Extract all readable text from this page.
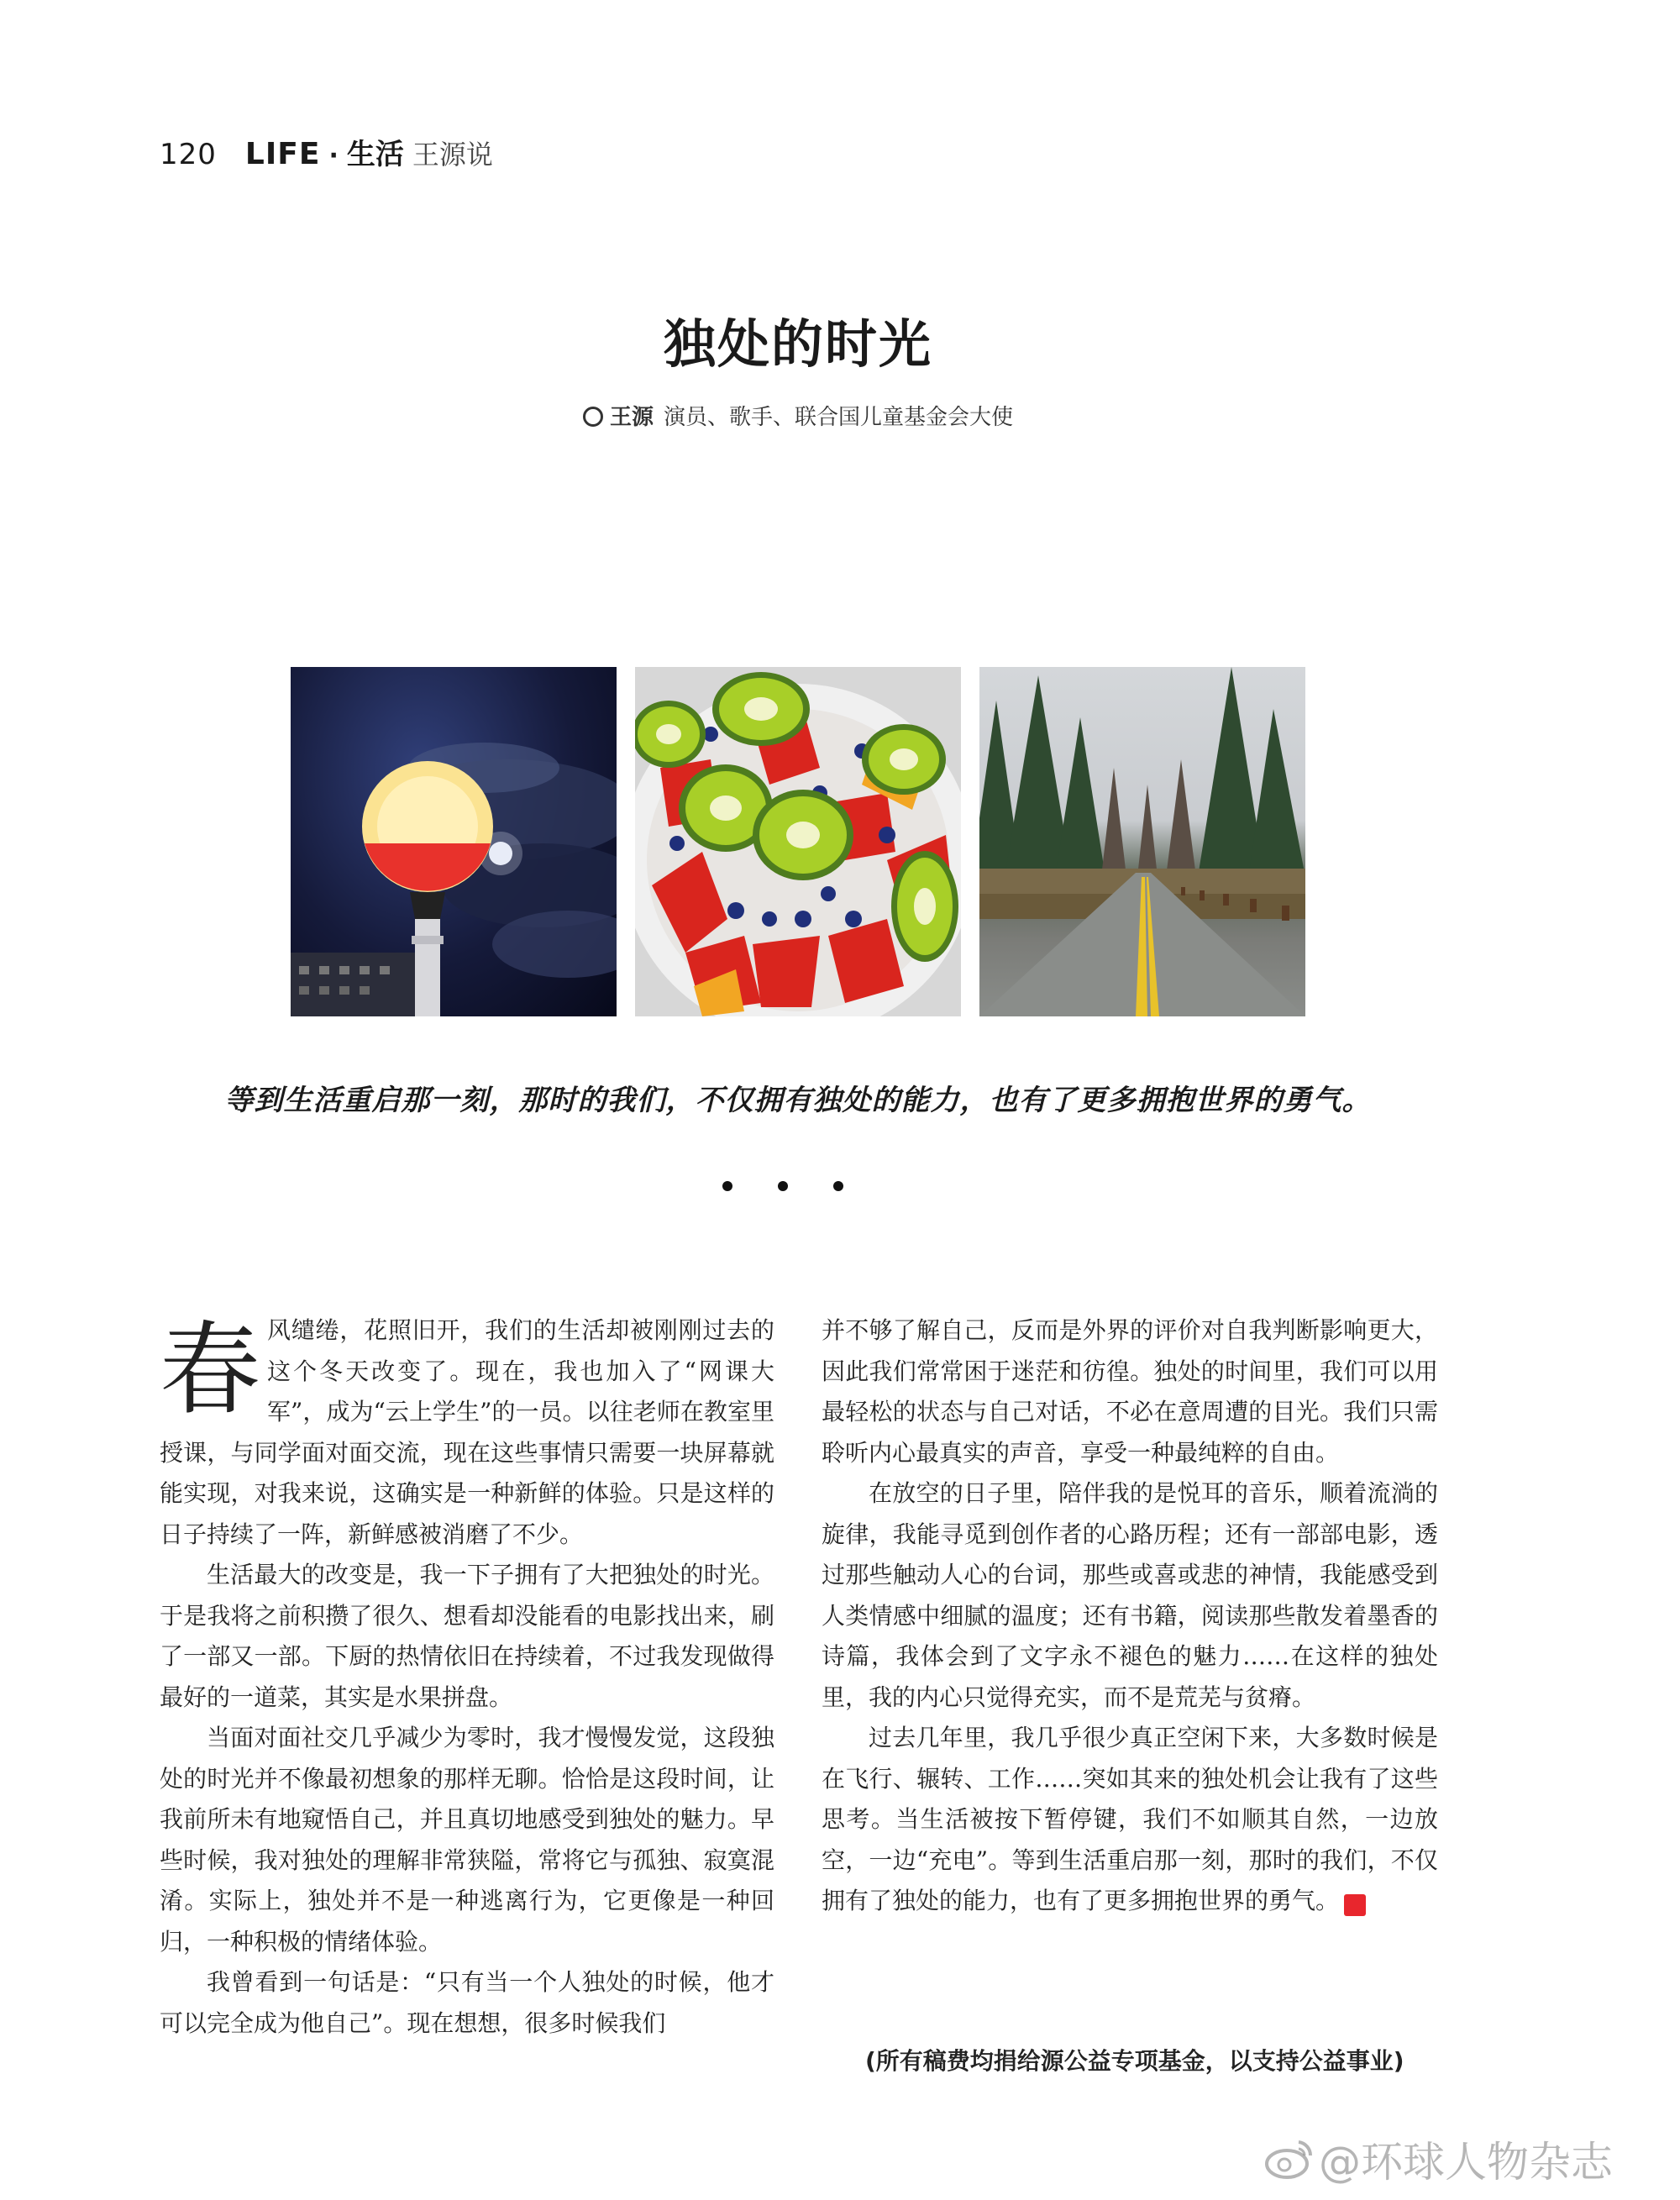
120 LIFE · 生活 王源说
独处的时光
王源 演员、歌手、联合国儿童基金会大使
等到生活重启那一刻，那时的我们，不仅拥有独处的能力，也有了更多拥抱世界的勇气。

春风缱绻，花照旧开，我们的生活却被刚刚过去的这个冬天改变了。现在，我也加入了“网课大军”，成为“云上学生”的一员。以往老师在教室里授课，与同学面对面交流，现在这些事情只需要一块屏幕就能实现，对我来说，这确实是一种新鲜的体验。只是这样的日子持续了一阵，新鲜感被消磨了不少。

生活最大的改变是，我一下子拥有了大把独处的时光。于是我将之前积攒了很久、想看却没能看的电影找出来，刷了一部又一部。下厨的热情依旧在持续着，不过我发现做得最好的一道菜，其实是水果拼盘。

当面对面社交几乎减少为零时，我才慢慢发觉，这段独处的时光并不像最初想象的那样无聊。恰恰是这段时间，让我前所未有地窥悟自己，并且真切地感受到独处的魅力。早些时候，我对独处的理解非常狭隘，常将它与孤独、寂寞混淆。实际上，独处并不是一种逃离行为，它更像是一种回归，一种积极的情绪体验。

我曾看到一句话是：“只有当一个人独处的时候，他才可以完全成为他自己”。现在想想，很多时候我们

并不够了解自己，反而是外界的评价对自我判断影响更大，因此我们常常困于迷茫和彷徨。独处的时间里，我们可以用最轻松的状态与自己对话，不必在意周遭的目光。我们只需聆听内心最真实的声音，享受一种最纯粹的自由。

在放空的日子里，陪伴我的是悦耳的音乐，顺着流淌的旋律，我能寻觅到创作者的心路历程；还有一部部电影，透过那些触动人心的台词，那些或喜或悲的神情，我能感受到人类情感中细腻的温度；还有书籍，阅读那些散发着墨香的诗篇，我体会到了文字永不褪色的魅力……在这样的独处里，我的内心只觉得充实，而不是荒芜与贫瘠。

过去几年里，我几乎很少真正空闲下来，大多数时候是在飞行、辗转、工作……突如其来的独处机会让我有了这些思考。当生活被按下暂停键，我们不如顺其自然，一边放空，一边“充电”。等到生活重启那一刻，那时的我们，不仅拥有了独处的能力，也有了更多拥抱世界的勇气。	G

(所有稿费均捐给源公益专项基金，以支持公益事业)
@环球人物杂志
